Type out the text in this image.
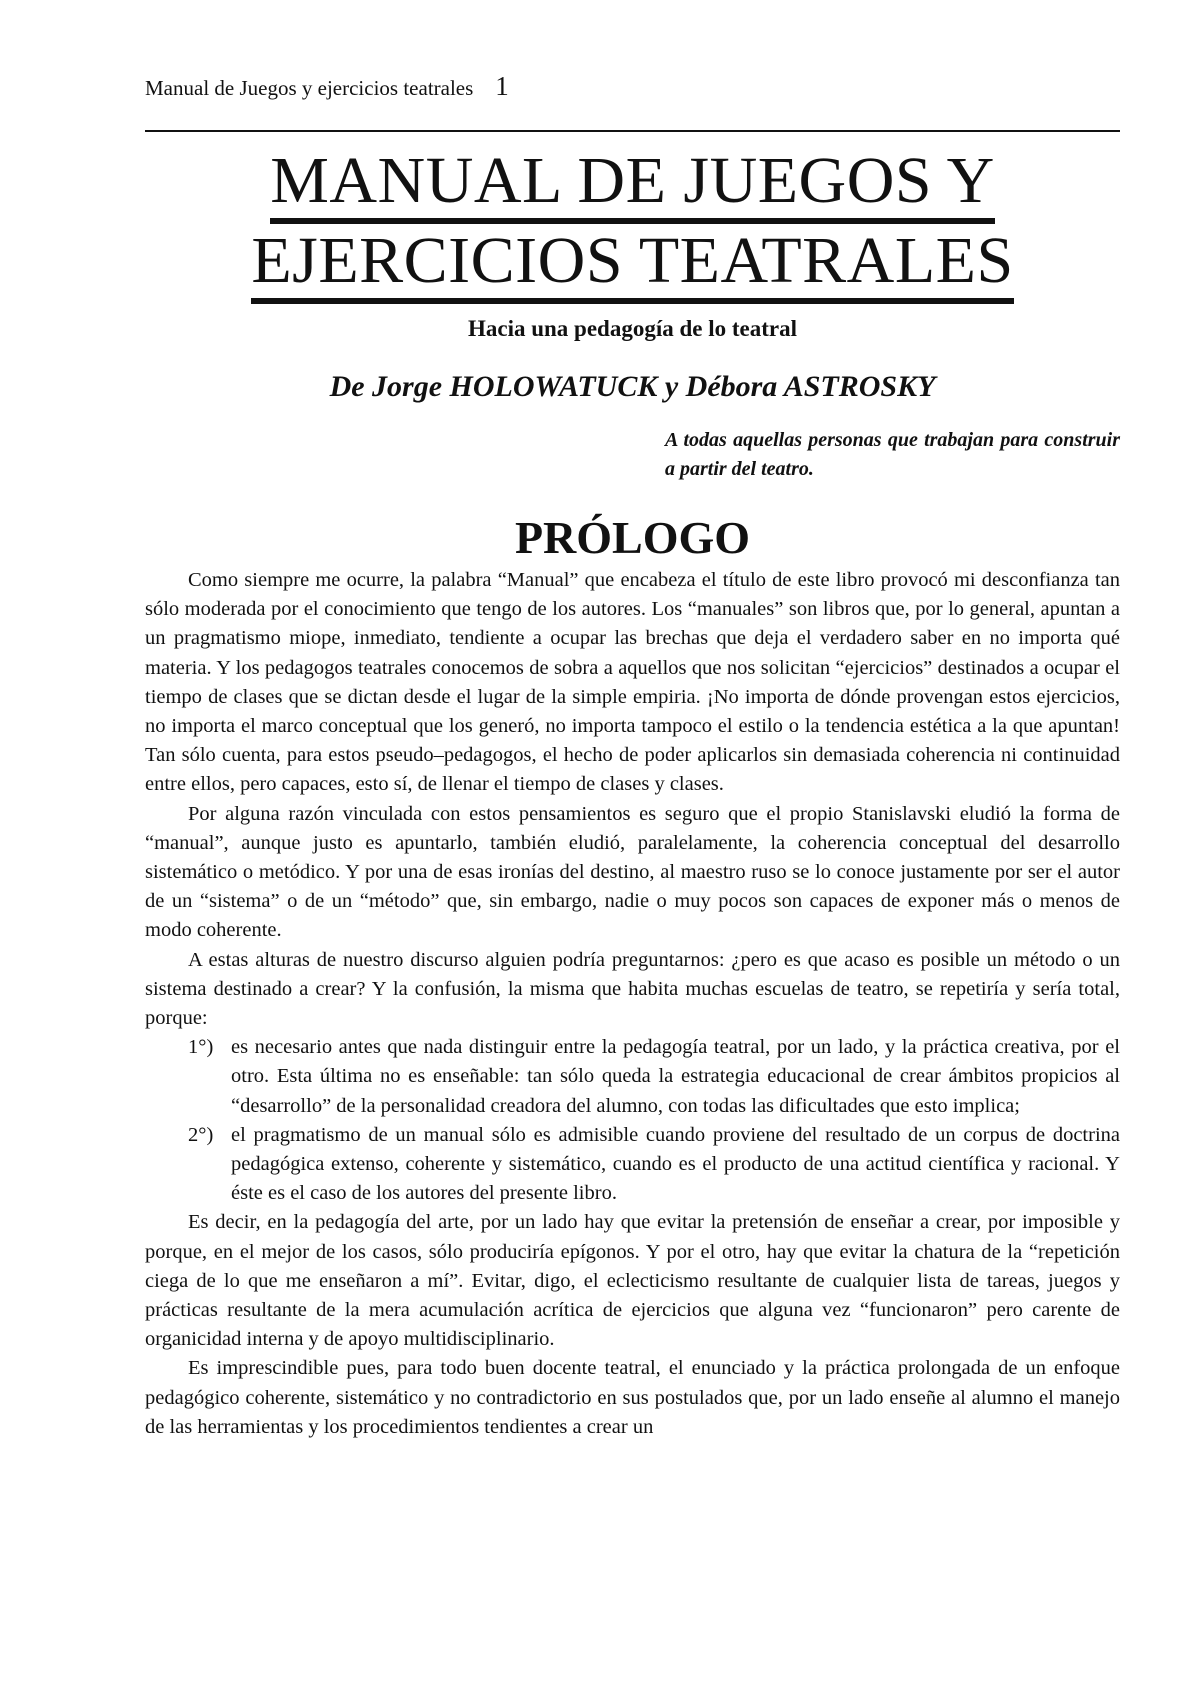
Manual de Juegos y ejercicios teatrales 1
MANUAL DE JUEGOS Y
EJERCICIOS TEATRALES
Hacia una pedagogía de lo teatral
De Jorge HOLOWATUCK y Débora ASTROSKY
A todas aquellas personas que trabajan para construir a partir del teatro.
PRÓLOGO

Como siempre me ocurre, la palabra “Manual” que encabeza el título de este libro provocó mi desconfianza tan sólo moderada por el conocimiento que tengo de los autores. Los “manuales” son libros que, por lo general, apuntan a un pragmatismo miope, inmediato, tendiente a ocupar las brechas que deja el verdadero saber en no importa qué materia. Y los pedagogos teatrales conocemos de sobra a aquellos que nos solicitan “ejercicios” destinados a ocupar el tiempo de clases que se dictan desde el lugar de la simple empiria. ¡No importa de dónde provengan estos ejercicios, no importa el marco conceptual que los generó, no importa tampoco el estilo o la tendencia estética a la que apuntan! Tan sólo cuenta, para estos pseudo–pedagogos, el hecho de poder aplicarlos sin demasiada coherencia ni continuidad entre ellos, pero capaces, esto sí, de llenar el tiempo de clases y clases.

Por alguna razón vinculada con estos pensamientos es seguro que el propio Stanislavski eludió la forma de “manual”, aunque justo es apuntarlo, también eludió, paralelamente, la coherencia conceptual del desarrollo sistemático o metódico. Y por una de esas ironías del destino, al maestro ruso se lo conoce justamente por ser el autor de un “sistema” o de un “método” que, sin embargo, nadie o muy pocos son capaces de exponer más o menos de modo coherente.

A estas alturas de nuestro discurso alguien podría preguntarnos: ¿pero es que acaso es posible un método o un sistema destinado a crear? Y la confusión, la misma que habita muchas escuelas de teatro, se repetiría y sería total, porque:

1°) es necesario antes que nada distinguir entre la pedagogía teatral, por un lado, y la práctica creativa, por el otro. Esta última no es enseñable: tan sólo queda la estrategia educacional de crear ámbitos propicios al “desarrollo” de la personalidad creadora del alumno, con todas las dificultades que esto implica;
2°) el pragmatismo de un manual sólo es admisible cuando proviene del resultado de un corpus de doctrina pedagógica extenso, coherente y sistemático, cuando es el producto de una actitud científica y racional. Y éste es el caso de los autores del presente libro.

Es decir, en la pedagogía del arte, por un lado hay que evitar la pretensión de enseñar a crear, por imposible y porque, en el mejor de los casos, sólo produciría epígonos. Y por el otro, hay que evitar la chatura de la “repetición ciega de lo que me enseñaron a mí”. Evitar, digo, el eclecticismo resultante de cualquier lista de tareas, juegos y prácticas resultante de la mera acumulación acrítica de ejercicios que alguna vez “funcionaron” pero carente de organicidad interna y de apoyo multidisciplinario.

Es imprescindible pues, para todo buen docente teatral, el enunciado y la práctica prolongada de un enfoque pedagógico coherente, sistemático y no contradictorio en sus postulados que, por un lado enseñe al alumno el manejo de las herramientas y los procedimientos tendientes a crear un
